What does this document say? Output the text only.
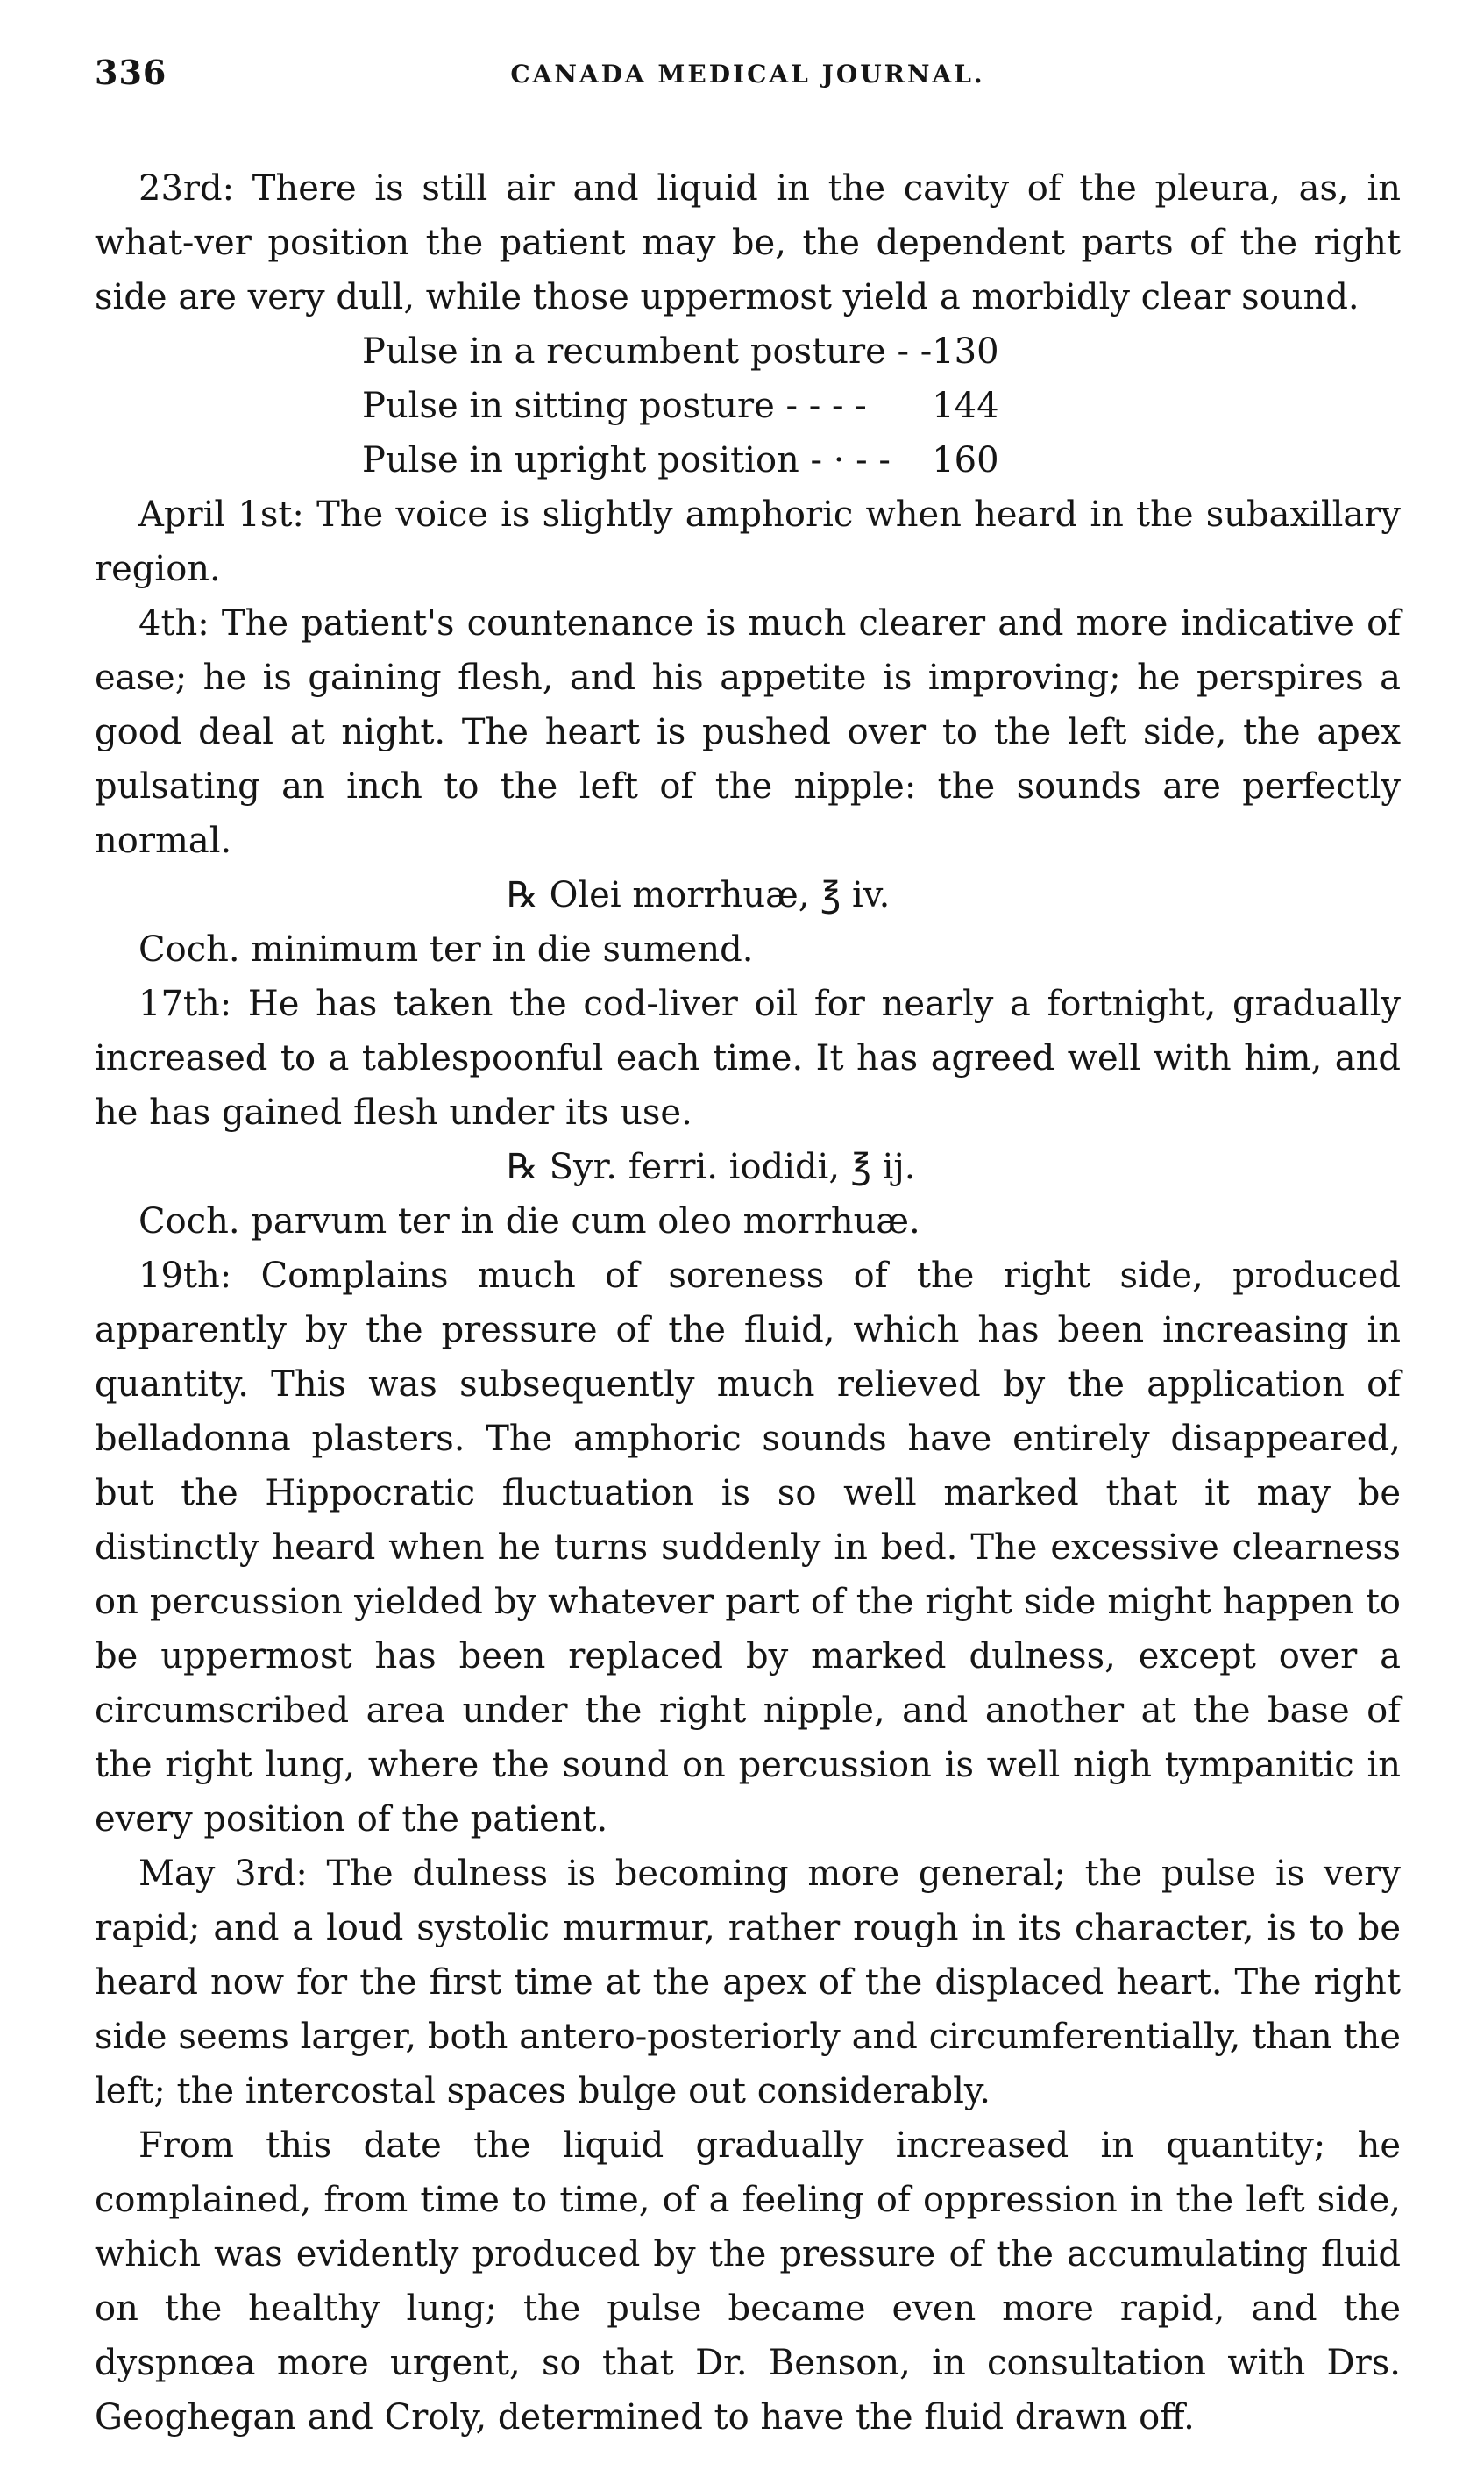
336	CANADA MEDICAL JOURNAL.

23rd: There is still air and liquid in the cavity of the pleura, as, in what-ver position the patient may be, the dependent parts of the right side are very dull, while those uppermost yield a morbidly clear sound.

Pulse in a recumbent posture - -	130
Pulse in sitting posture - - - -	144
Pulse in upright position - · - -	160

April 1st: The voice is slightly amphoric when heard in the subaxillary region.

4th: The patient's countenance is much clearer and more indicative of ease; he is gaining flesh, and his appetite is improving; he perspires a good deal at night. The heart is pushed over to the left side, the apex pulsating an inch to the left of the nipple: the sounds are perfectly normal.

℞ Olei morrhuæ, ℥ iv.

Coch. minimum ter in die sumend.

17th: He has taken the cod-liver oil for nearly a fortnight, gradually increased to a tablespoonful each time. It has agreed well with him, and he has gained flesh under its use.

℞ Syr. ferri. iodidi, ℥ ij.

Coch. parvum ter in die cum oleo morrhuæ.

19th: Complains much of soreness of the right side, produced apparently by the pressure of the fluid, which has been increasing in quantity. This was subsequently much relieved by the application of belladonna plasters. The amphoric sounds have entirely disappeared, but the Hippocratic fluctuation is so well marked that it may be distinctly heard when he turns suddenly in bed. The excessive clearness on percussion yielded by whatever part of the right side might happen to be uppermost has been replaced by marked dulness, except over a circumscribed area under the right nipple, and another at the base of the right lung, where the sound on percussion is well nigh tympanitic in every position of the patient.

May 3rd: The dulness is becoming more general; the pulse is very rapid; and a loud systolic murmur, rather rough in its character, is to be heard now for the first time at the apex of the displaced heart. The right side seems larger, both antero-posteriorly and circumferentially, than the left; the intercostal spaces bulge out considerably.

From this date the liquid gradually increased in quantity; he complained, from time to time, of a feeling of oppression in the left side, which was evidently produced by the pressure of the accumulating fluid on the healthy lung; the pulse became even more rapid, and the dyspnœa more urgent, so that Dr. Benson, in consultation with Drs. Geoghegan and Croly, determined to have the fluid drawn off.
